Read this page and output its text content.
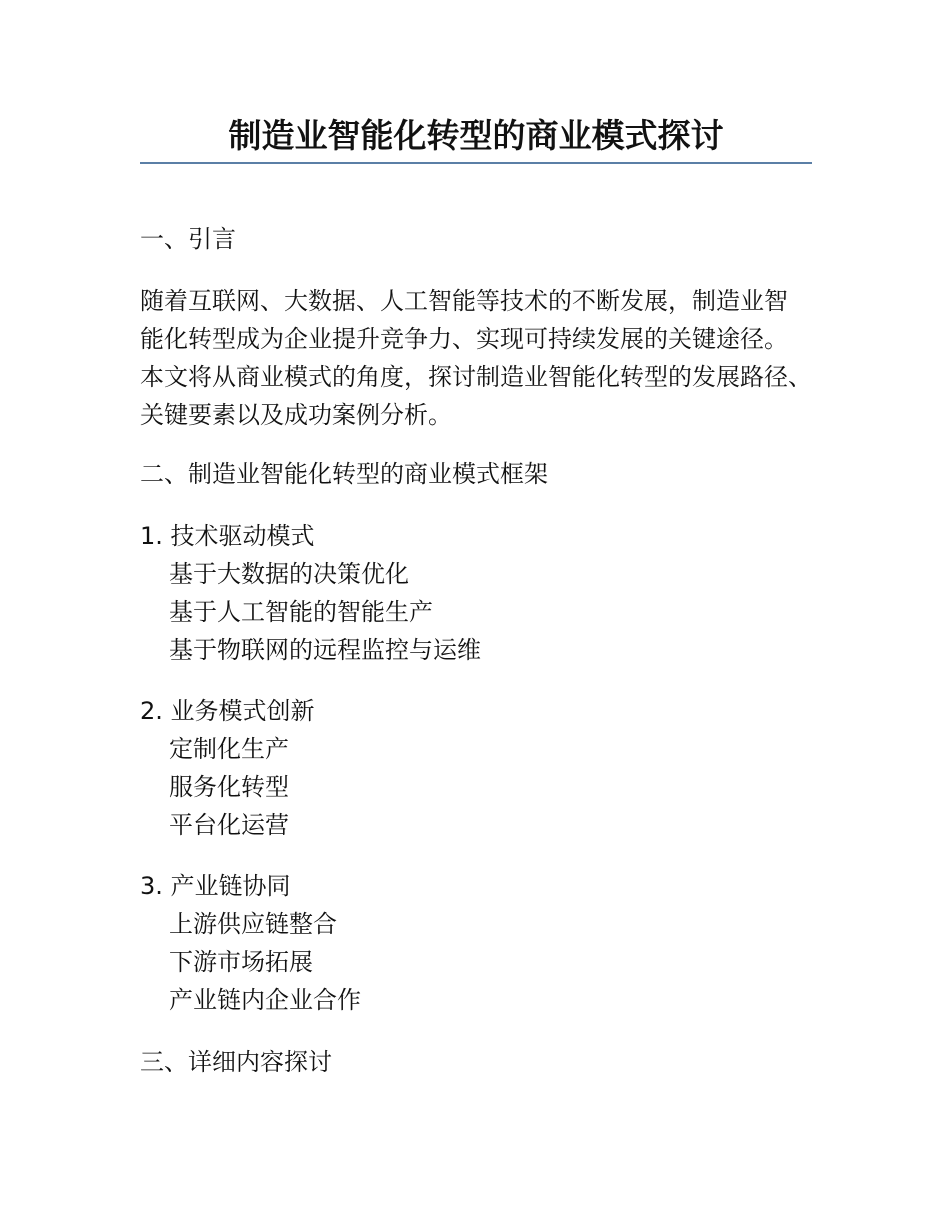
制造业智能化转型的商业模式探讨
一、引言

随着互联网、大数据、人工智能等技术的不断发展，制造业智
能化转型成为企业提升竞争力、实现可持续发展的关键途径。
本文将从商业模式的角度，探讨制造业智能化转型的发展路径、
关键要素以及成功案例分析。

二、制造业智能化转型的商业模式框架
1. 技术驱动模式
基于大数据的决策优化
基于人工智能的智能生产
基于物联网的远程监控与运维
2. 业务模式创新
定制化生产
服务化转型
平台化运营
3. 产业链协同
上游供应链整合
下游市场拓展
产业链内企业合作
三、详细内容探讨
